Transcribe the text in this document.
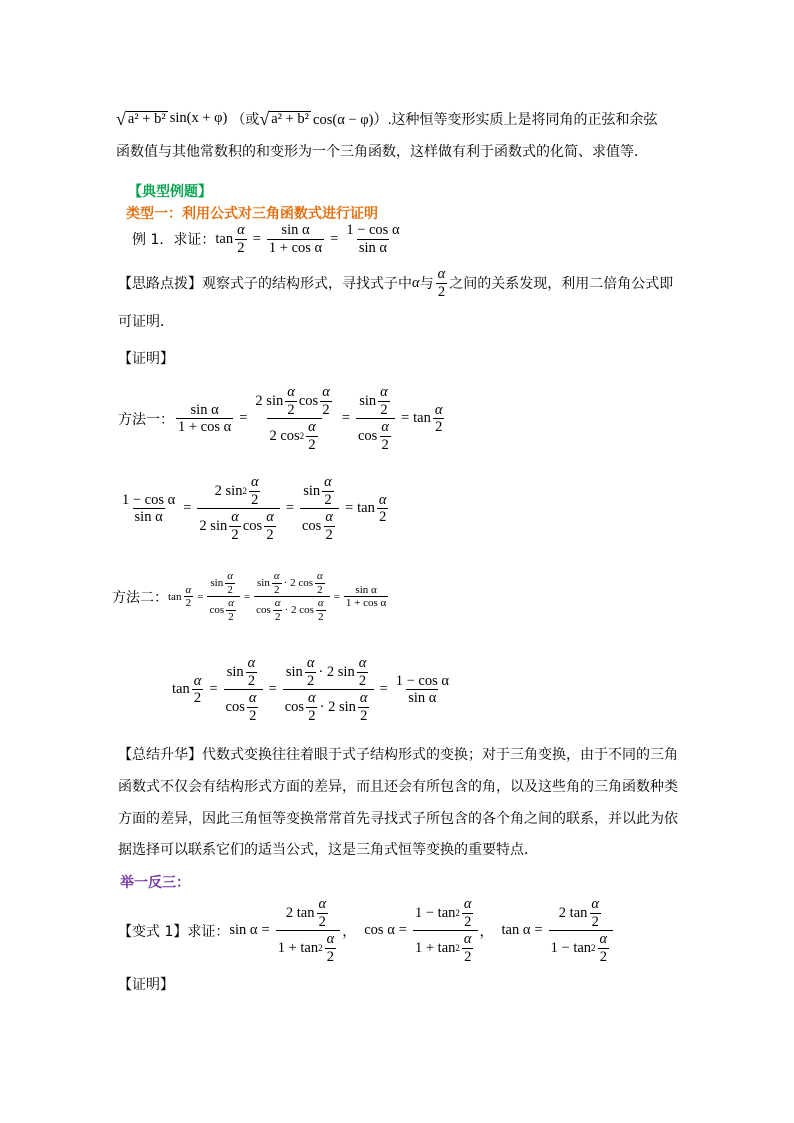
√ a² + b² sin(x + φ) （或 √ a² + b² cos(α − φ)）. 这种恒等变形实质上是将同角的正弦和余弦
函数值与其他常数积的和变形为一个三角函数，这样做有利于函数式的化简、求值等．
【典型例题】
类型一：利用公式对三角函数式进行证明
例 1．求证： $\tan \frac{\alpha}{2} = \frac{\text{sin α}}{\text{1 + cos α}} = \frac{\text{1 − cos α}}{\text{sin α}}$
【思路点拨】 观察式子的结构形式，寻找式子中 α 与 $\frac{\alpha}{2}$ 之间的关系发现，利用二倍角公式即
可证明．
【证明】
方法一： $\frac{\text{sin α}}{\text{1 + cos α}} = \frac{2 \sin \frac{\alpha}{2} \cos \frac{\alpha}{2}}{2 \cos 2 \frac{\alpha}{2}} = \frac{\sin \frac{\alpha}{2}}{\cos \frac{\alpha}{2}} = \tan \frac{\alpha}{2}$
$\frac{\text{1 − cos α}}{\text{sin α}} = \frac{2 \sin 2 \frac{\alpha}{2}}{2 \sin \frac{\alpha}{2} \cos \frac{\alpha}{2}} = \frac{\sin \frac{\alpha}{2}}{\cos \frac{\alpha}{2}} = \tan \frac{\alpha}{2}$
方法二： $\tan \frac{\alpha}{2} = \frac{\sin \frac{\alpha}{2}}{\cos \frac{\alpha}{2}} = \frac{\sin \frac{\alpha}{2} \cdot 2 \cos \frac{\alpha}{2}}{\cos \frac{\alpha}{2} \cdot 2 \cos \frac{\alpha}{2}} = \frac{\text{sin α}}{\text{1 + cos α}}$
$\tan \frac{\alpha}{2} = \frac{\sin \frac{\alpha}{2}}{\cos \frac{\alpha}{2}} = \frac{\sin \frac{\alpha}{2} \cdot 2 \sin \frac{\alpha}{2}}{\cos \frac{\alpha}{2} \cdot 2 \sin \frac{\alpha}{2}} = \frac{\text{1 − cos α}}{\text{sin α}}$
【总结升华】代数式变换往往着眼于式子结构形式的变换；对于三角变换，由于不同的三角
函数式不仅会有结构形式方面的差异，而且还会有所包含的角，以及这些角的三角函数种类
方面的差异，因此三角恒等变换常常首先寻找式子所包含的各个角之间的联系，并以此为依
据选择可以联系它们的适当公式，这是三角式恒等变换的重要特点．
举一反三：
【变式 1】求证： $\sin \alpha = \frac{2 \tan \frac{\alpha}{2}}{1 + \tan 2 \frac{\alpha}{2}}$ ， $\cos \alpha = \frac{1 - \tan 2 \frac{\alpha}{2}}{1 + \tan 2 \frac{\alpha}{2}}$ ， $\tan \alpha = \frac{2 \tan \frac{\alpha}{2}}{1 - \tan 2 \frac{\alpha}{2}}$
【证明】
